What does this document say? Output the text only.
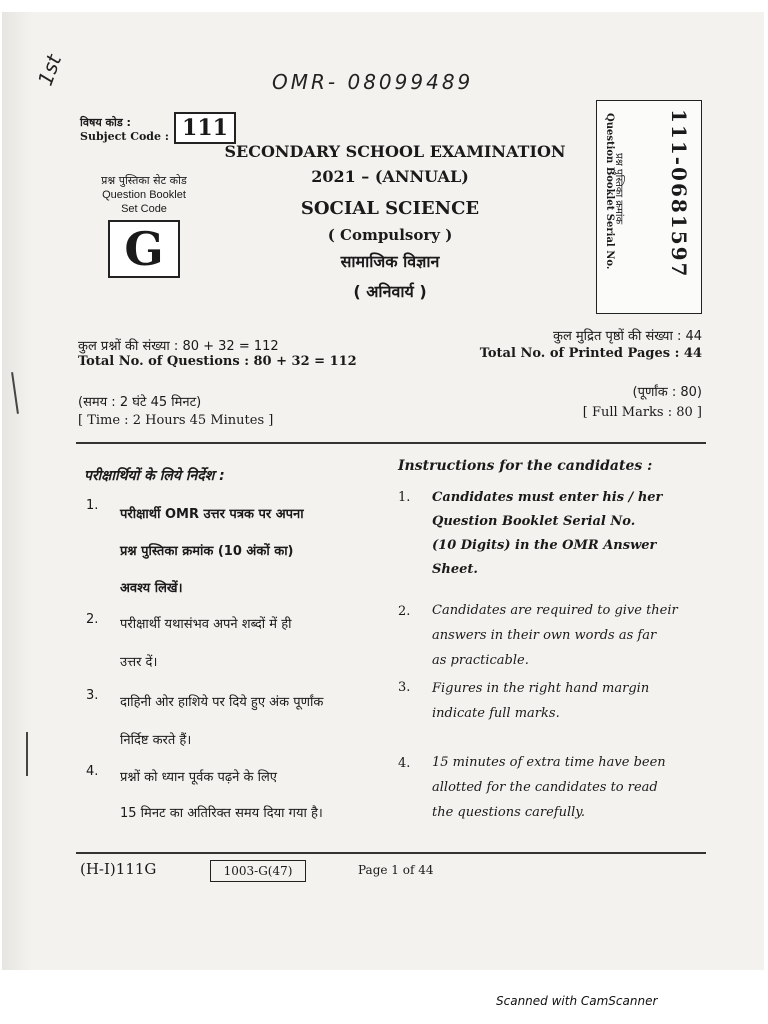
1st	OMR- 08099489
विषय कोड :
Subject Code : 111
प्रश्न पुस्तिका सेट कोड
Question Booklet
Set Code
G
SECONDARY SCHOOL EXAMINATION
2021 – (ANNUAL)
SOCIAL SCIENCE
( Compulsory )
सामाजिक विज्ञान
( अनिवार्य )
111-0681597
प्रश्न पुस्तिका क्रमांक
Question Booklet Serial No.
कुल प्रश्नों की संख्या : 80 + 32 = 112
Total No. of Questions : 80 + 32 = 112
कुल मुद्रित पृष्ठों की संख्या : 44
Total No. of Printed Pages : 44
(समय : 2 घंटे 45 मिनट)
[ Time : 2 Hours 45 Minutes ]
(पूर्णांक : 80)
[ Full Marks : 80 ]
परीक्षार्थियों के लिये निर्देश :
1.
परीक्षार्थी OMR उत्तर पत्रक पर अपना
प्रश्न पुस्तिका क्रमांक (10 अंकों का)
अवश्य लिखें।
2. परीक्षार्थी यथासंभव अपने शब्दों में ही
उत्तर दें।
3. दाहिनी ओर हाशिये पर दिये हुए अंक पूर्णांक
निर्दिष्ट करते हैं।
4. प्रश्नों को ध्यान पूर्वक पढ़ने के लिए
15 मिनट का अतिरिक्त समय दिया गया है।
Instructions for the candidates :
1. Candidates must enter his / her
Question Booklet Serial No.
(10 Digits) in the OMR Answer
Sheet.
2. Candidates are required to give their
answers in their own words as far
as practicable.
3. Figures in the right hand margin
indicate full marks.
4. 15 minutes of extra time have been
allotted for the candidates to read
the questions carefully.
(H-I)111G	1003-G(47)	Page 1 of 44
Scanned with CamScanner
